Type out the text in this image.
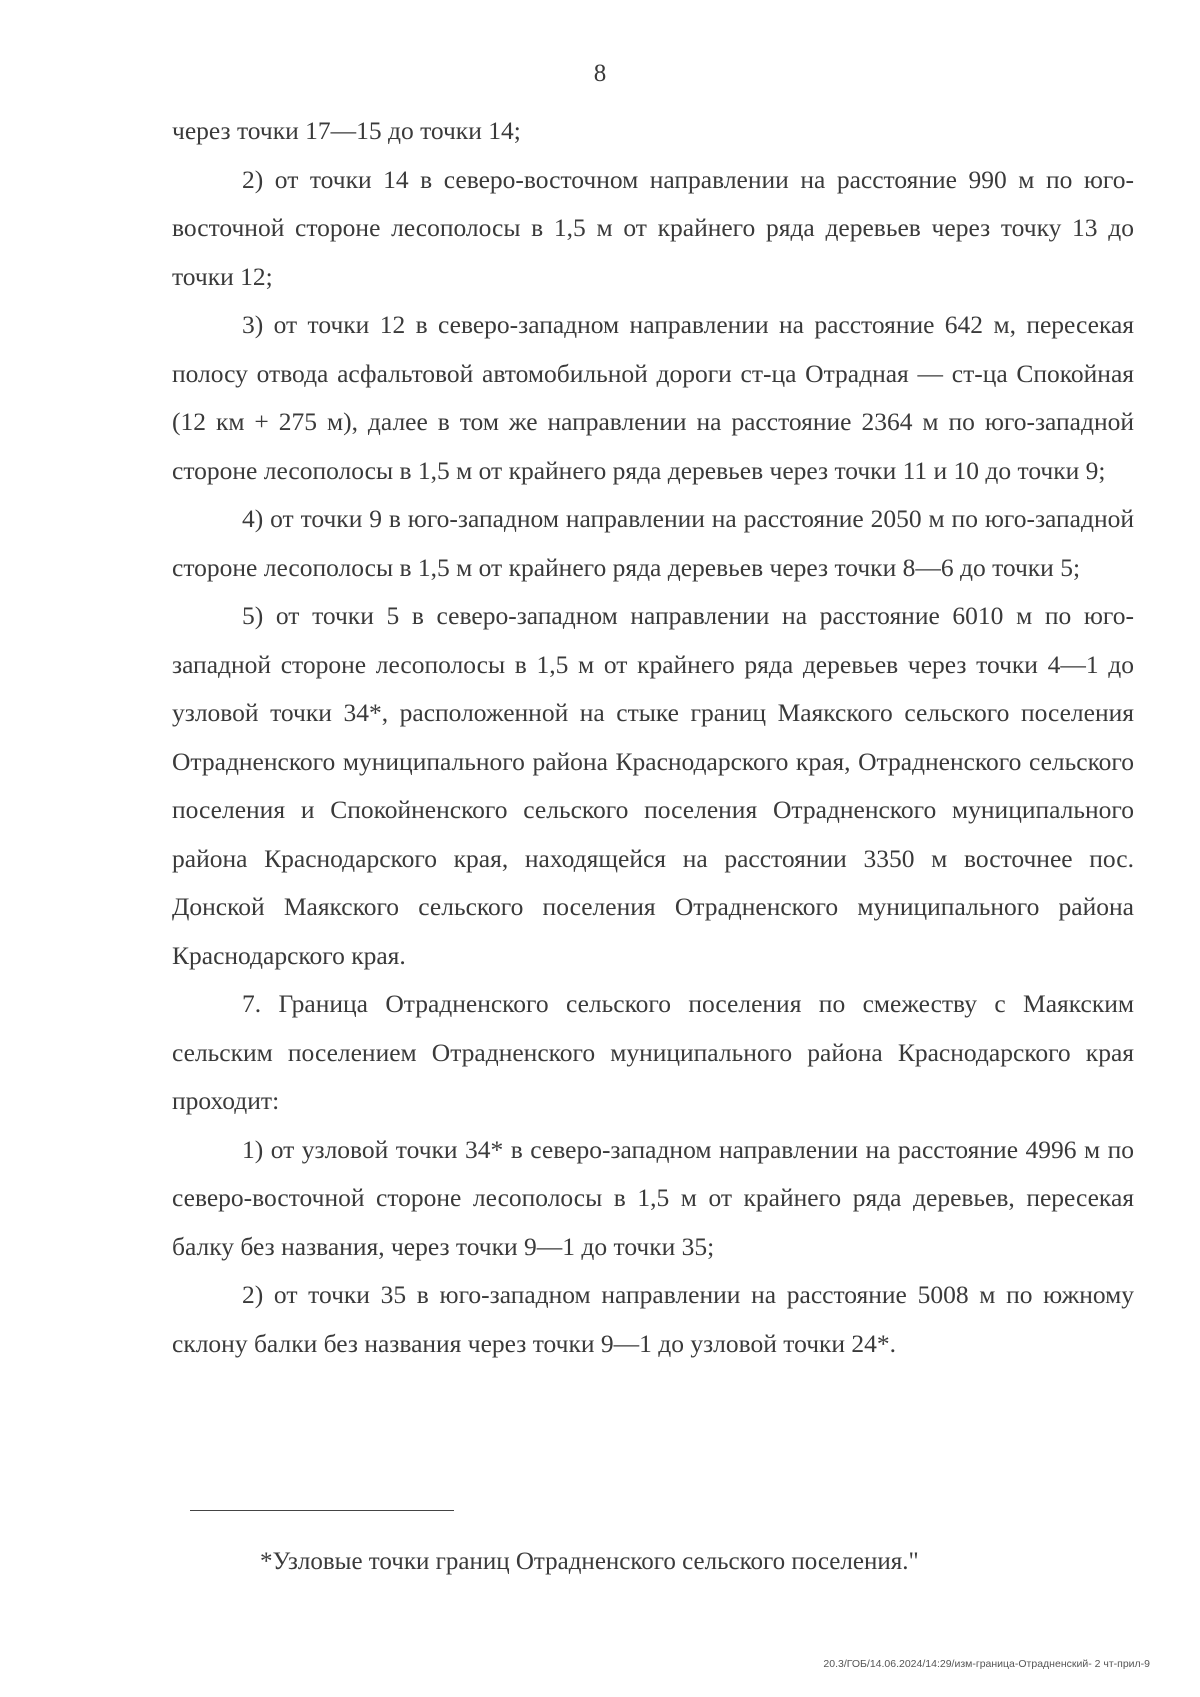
8

через точки 17—15 до точки 14;

2) от точки 14 в северо-восточном направлении на расстояние 990 м по юго-восточной стороне лесополосы в 1,5 м от крайнего ряда деревьев через точку 13 до точки 12;

3) от точки 12 в северо-западном направлении на расстояние 642 м, пересекая полосу отвода асфальтовой автомобильной дороги ст-ца Отрадная — ст-ца Спокойная (12 км + 275 м), далее в том же направлении на расстояние 2364 м по юго-западной стороне лесополосы в 1,5 м от крайнего ряда деревьев через точки 11 и 10 до точки 9;

4) от точки 9 в юго-западном направлении на расстояние 2050 м по юго-западной стороне лесополосы в 1,5 м от крайнего ряда деревьев через точки 8—6 до точки 5;

5) от точки 5 в северо-западном направлении на расстояние 6010 м по юго-западной стороне лесополосы в 1,5 м от крайнего ряда деревьев через точки 4—1 до узловой точки 34*, расположенной на стыке границ Маякского сельского поселения Отрадненского муниципального района Краснодарского края, Отрадненского сельского поселения и Спокойненского сельского поселения Отрадненского муниципального района Краснодарского края, находящейся на расстоянии 3350 м восточнее пос. Донской Маякского сельского поселения Отрадненского муниципального района Краснодарского края.

7. Граница Отрадненского сельского поселения по смежеству с Маякским сельским поселением Отрадненского муниципального района Краснодарского края проходит:

1) от узловой точки 34* в северо-западном направлении на расстояние 4996 м по северо-восточной стороне лесополосы в 1,5 м от крайнего ряда деревьев, пересекая балку без названия, через точки 9—1 до точки 35;

2) от точки 35 в юго-западном направлении на расстояние 5008 м по южному склону балки без названия через точки 9—1 до узловой точки 24*.

*Узловые точки границ Отрадненского сельского поселения."
20.3/ГОБ/14.06.2024/14:29/изм-граница-Отрадненский- 2 чт-прил-9
